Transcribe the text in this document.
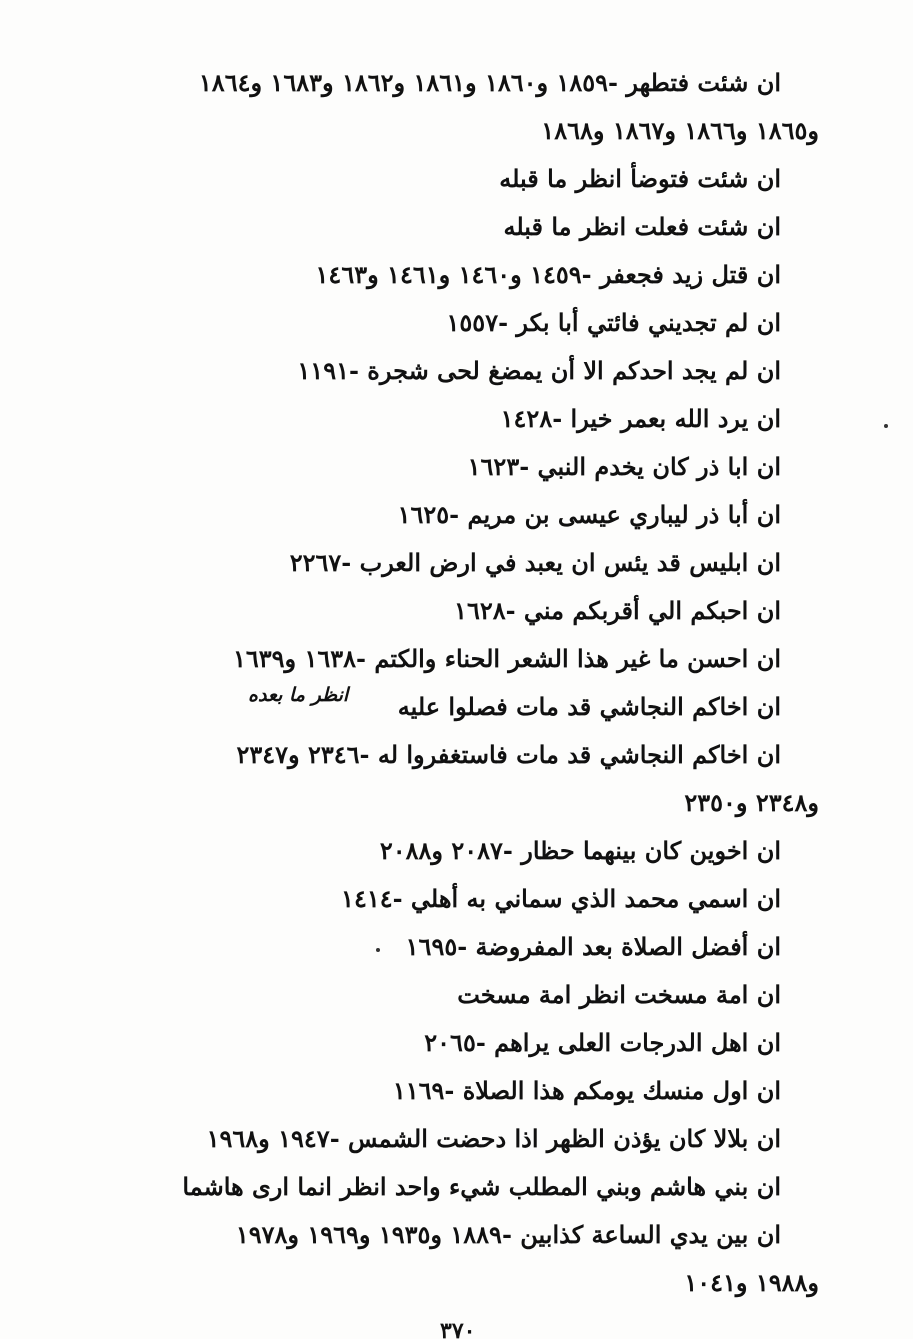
ان شئت فتطهر -١٨٥٩ و١٨٦٠ و١٨٦١ و١٨٦٢ و١٦٨٣ و١٨٦٤
و١٨٦٥ و١٨٦٦ و١٨٦٧ و١٨٦٨
ان شئت فتوضأ انظر ما قبله
ان شئت فعلت انظر ما قبله
ان قتل زيد فجعفر -١٤٥٩ و١٤٦٠ و١٤٦١ و١٤٦٣
ان لم تجديني فائتي أبا بكر -١٥٥٧
ان لم يجد احدكم الا أن يمضغ لحى شجرة -١١٩١
ان يرد الله بعمر خيرا -١٤٢٨
ان ابا ذر كان يخدم النبي -١٦٢٣
ان أبا ذر ليباري عيسى بن مريم -١٦٢٥
ان ابليس قد يئس ان يعبد في ارض العرب -٢٢٦٧
ان احبكم الي أقربكم مني -١٦٢٨
ان احسن ما غير هذا الشعر الحناء والكتم -١٦٣٨ و١٦٣٩
ان اخاكم النجاشي قد مات فصلوا عليه
انظر ما بعده
ان اخاكم النجاشي قد مات فاستغفروا له -٢٣٤٦ و٢٣٤٧
و٢٣٤٨ و٢٣٥٠
ان اخوين كان بينهما حظار -٢٠٨٧ و٢٠٨٨
ان اسمي محمد الذي سماني به أهلي -١٤١٤
ان أفضل الصلاة بعد المفروضة -١٦٩٥
ان امة مسخت انظر امة مسخت
ان اهل الدرجات العلى يراهم -٢٠٦٥
ان اول منسك يومكم هذا الصلاة -١١٦٩
ان بلالا كان يؤذن الظهر اذا دحضت الشمس -١٩٤٧ و١٩٦٨
ان بني هاشم وبني المطلب شيء واحد انظر انما ارى هاشما
ان بين يدي الساعة كذابين -١٨٨٩ و١٩٣٥ و١٩٦٩ و١٩٧٨
و١٩٨٨ و١٠٤١
٣٧٠
